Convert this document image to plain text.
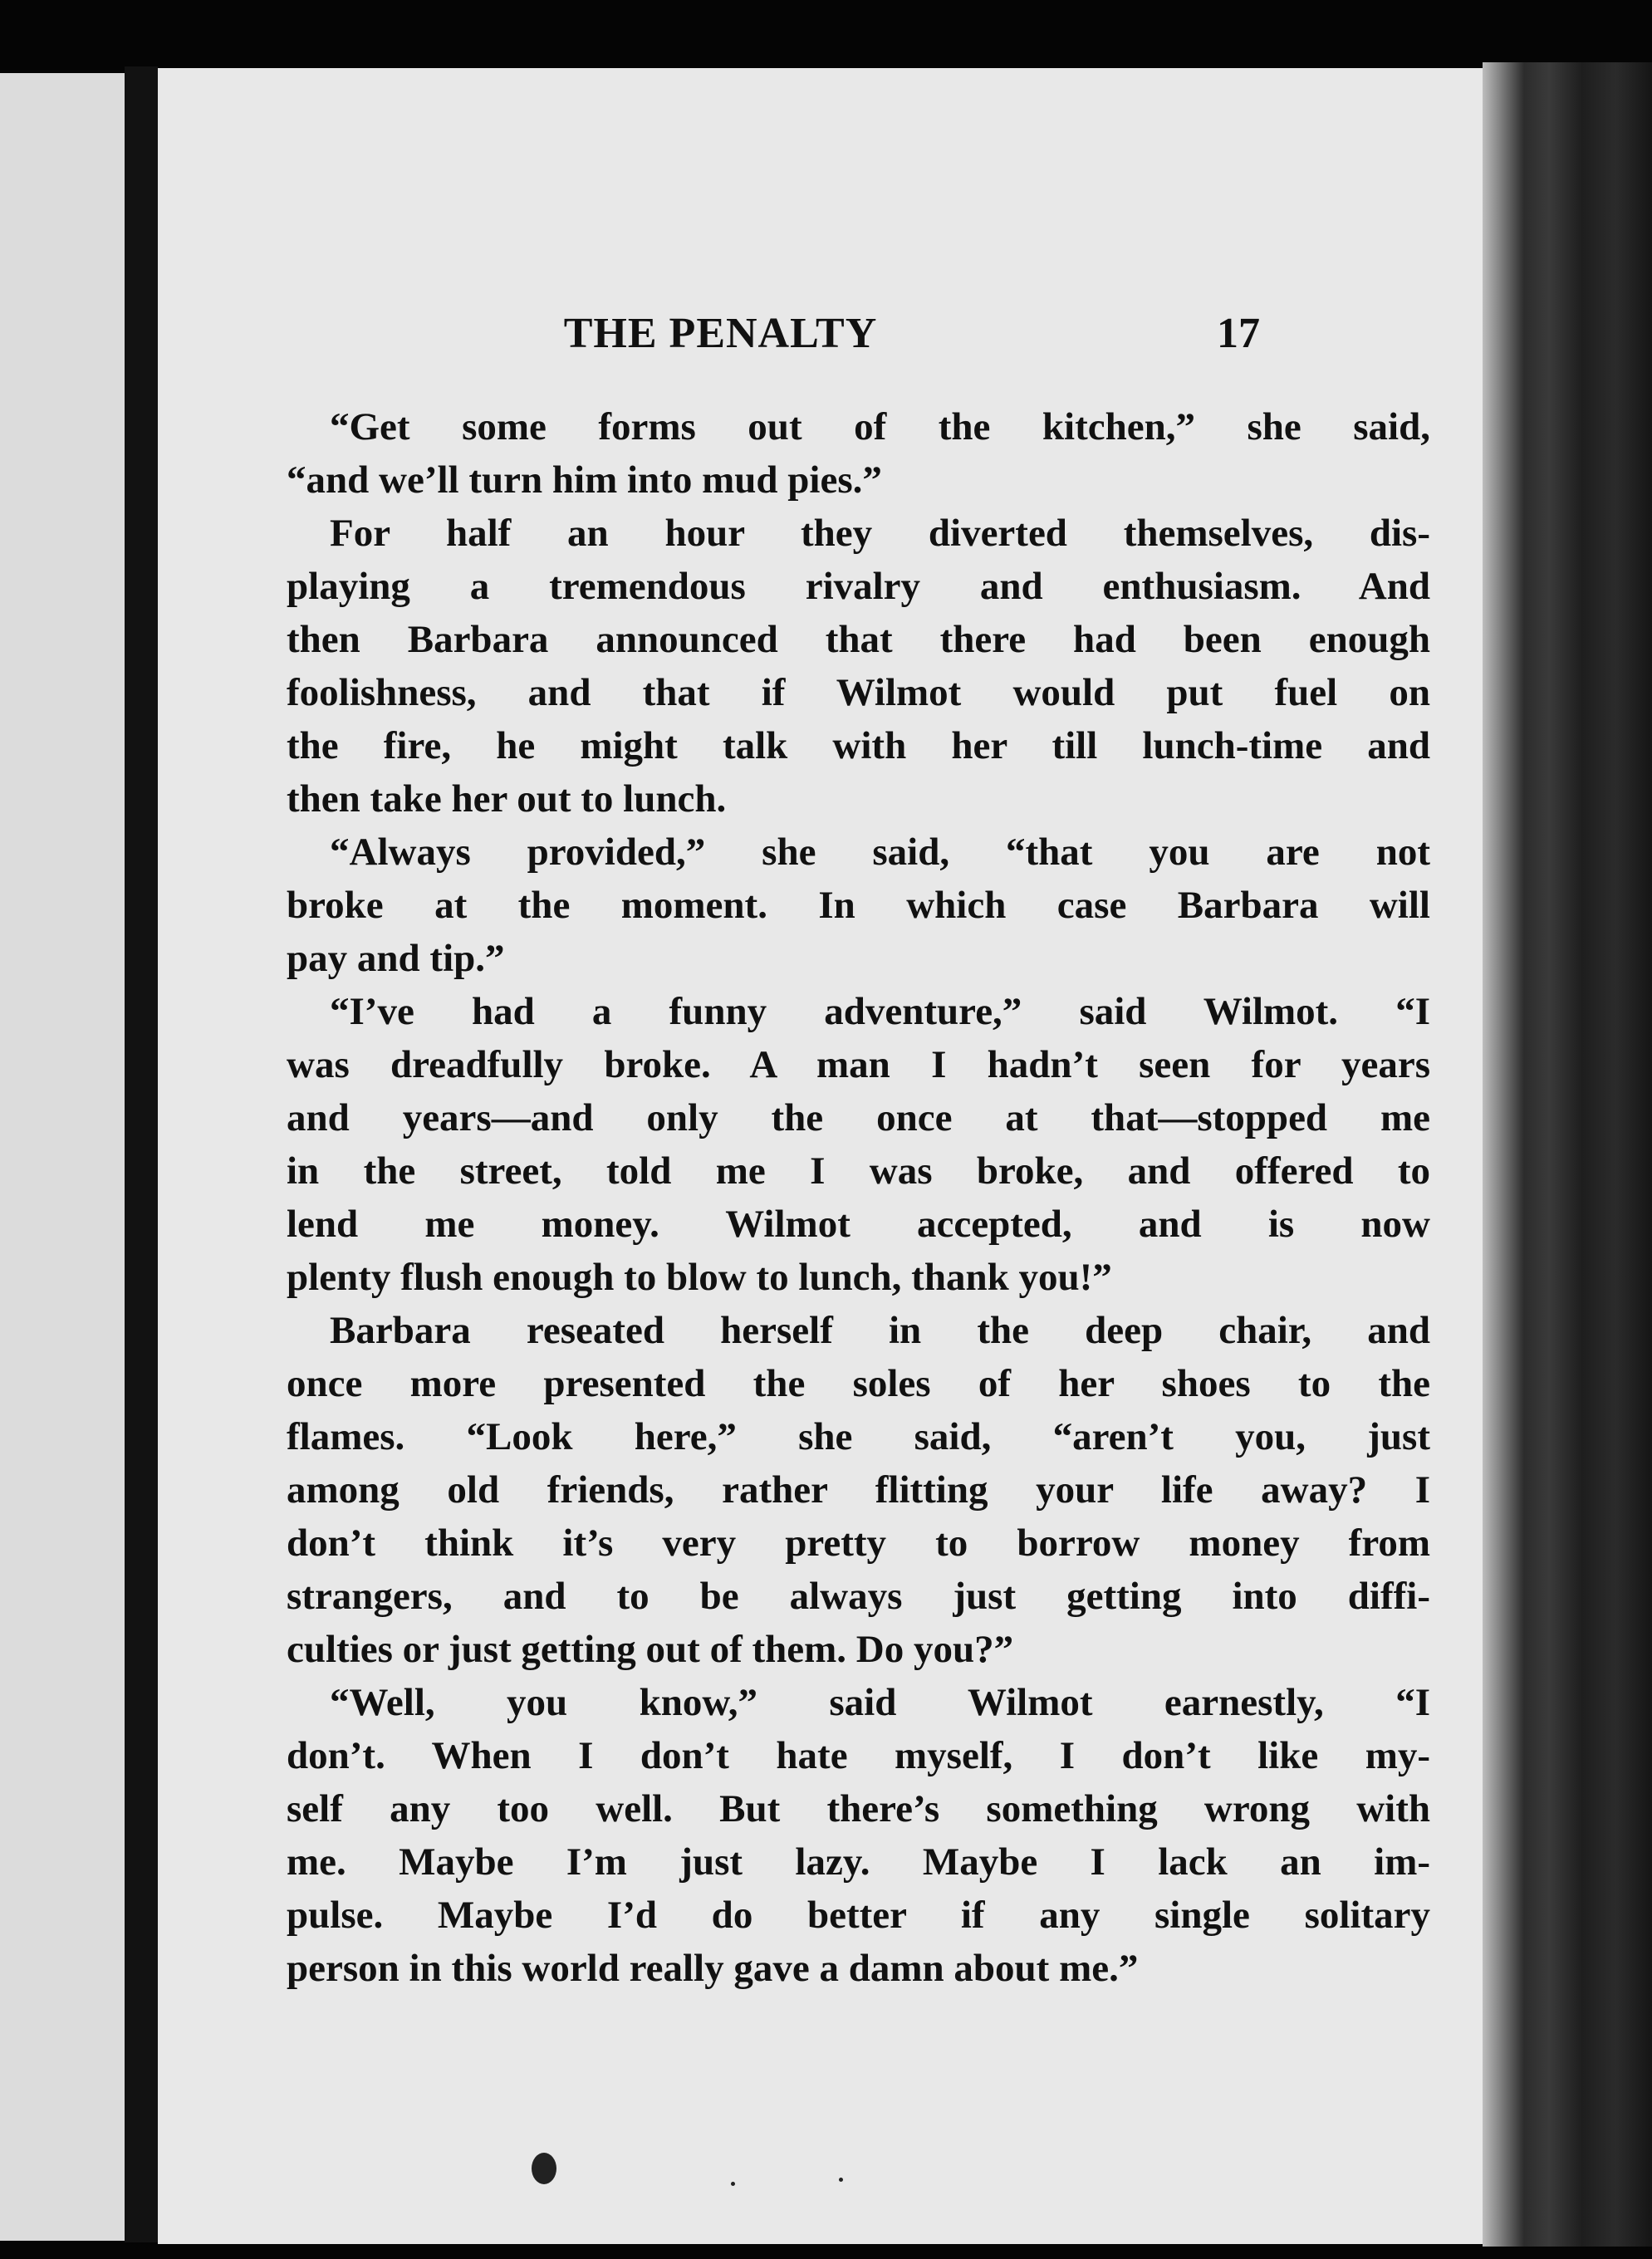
THE PENALTY	17
“Get some forms out of the kitchen,” she said,
“and we’ll turn him into mud pies.”
For half an hour they diverted themselves, dis-
playing a tremendous rivalry and enthusiasm. And
then Barbara announced that there had been enough
foolishness, and that if Wilmot would put fuel on
the fire, he might talk with her till lunch-time and
then take her out to lunch.
“Always provided,” she said, “that you are not
broke at the moment. In which case Barbara will
pay and tip.”
“I’ve had a funny adventure,” said Wilmot. “I
was dreadfully broke. A man I hadn’t seen for years
and years—and only the once at that—stopped me
in the street, told me I was broke, and offered to
lend me money. Wilmot accepted, and is now
plenty flush enough to blow to lunch, thank you!”
Barbara reseated herself in the deep chair, and
once more presented the soles of her shoes to the
flames. “Look here,” she said, “aren’t you, just
among old friends, rather flitting your life away? I
don’t think it’s very pretty to borrow money from
strangers, and to be always just getting into diffi-
culties or just getting out of them. Do you?”
“Well, you know,” said Wilmot earnestly, “I
don’t. When I don’t hate myself, I don’t like my-
self any too well. But there’s something wrong with
me. Maybe I’m just lazy. Maybe I lack an im-
pulse. Maybe I’d do better if any single solitary
person in this world really gave a damn about me.”
